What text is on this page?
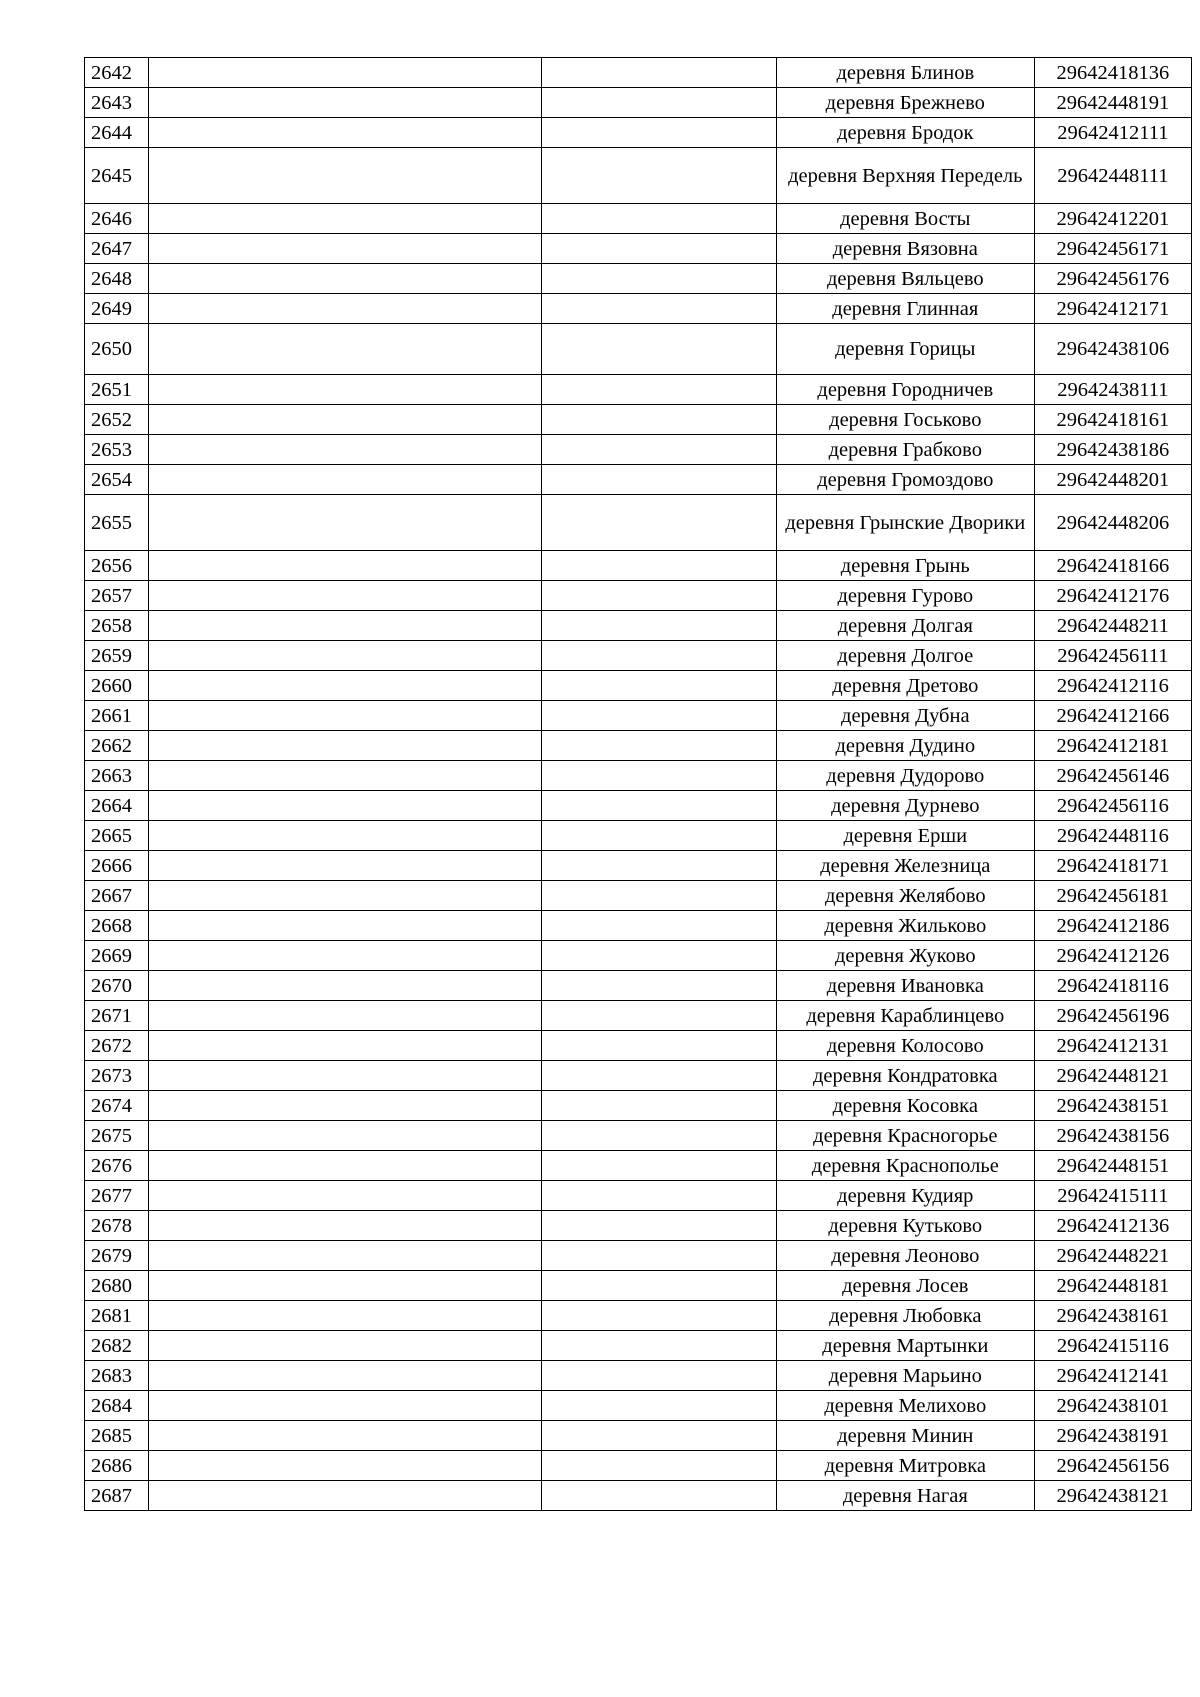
2642			деревня Блинов	29642418136
2643			деревня Брежнево	29642448191
2644			деревня Бродок	29642412111
2645			деревня Верхняя Передель	29642448111
2646			деревня Восты	29642412201
2647			деревня Вязовна	29642456171
2648			деревня Вяльцево	29642456176
2649			деревня Глинная	29642412171
2650			деревня Горицы	29642438106
2651			деревня Городничев	29642438111
2652			деревня Госьково	29642418161
2653			деревня Грабково	29642438186
2654			деревня Громоздово	29642448201
2655			деревня Грынские Дворики	29642448206
2656			деревня Грынь	29642418166
2657			деревня Гурово	29642412176
2658			деревня Долгая	29642448211
2659			деревня Долгое	29642456111
2660			деревня Дретово	29642412116
2661			деревня Дубна	29642412166
2662			деревня Дудино	29642412181
2663			деревня Дудорово	29642456146
2664			деревня Дурнево	29642456116
2665			деревня Ерши	29642448116
2666			деревня Железница	29642418171
2667			деревня Желябово	29642456181
2668			деревня Жильково	29642412186
2669			деревня Жуково	29642412126
2670			деревня Ивановка	29642418116
2671			деревня Караблинцево	29642456196
2672			деревня Колосово	29642412131
2673			деревня Кондратовка	29642448121
2674			деревня Косовка	29642438151
2675			деревня Красногорье	29642438156
2676			деревня Краснополье	29642448151
2677			деревня Кудияр	29642415111
2678			деревня Кутьково	29642412136
2679			деревня Леоново	29642448221
2680			деревня Лосев	29642448181
2681			деревня Любовка	29642438161
2682			деревня Мартынки	29642415116
2683			деревня Марьино	29642412141
2684			деревня Мелихово	29642438101
2685			деревня Минин	29642438191
2686			деревня Митровка	29642456156
2687			деревня Нагая	29642438121
